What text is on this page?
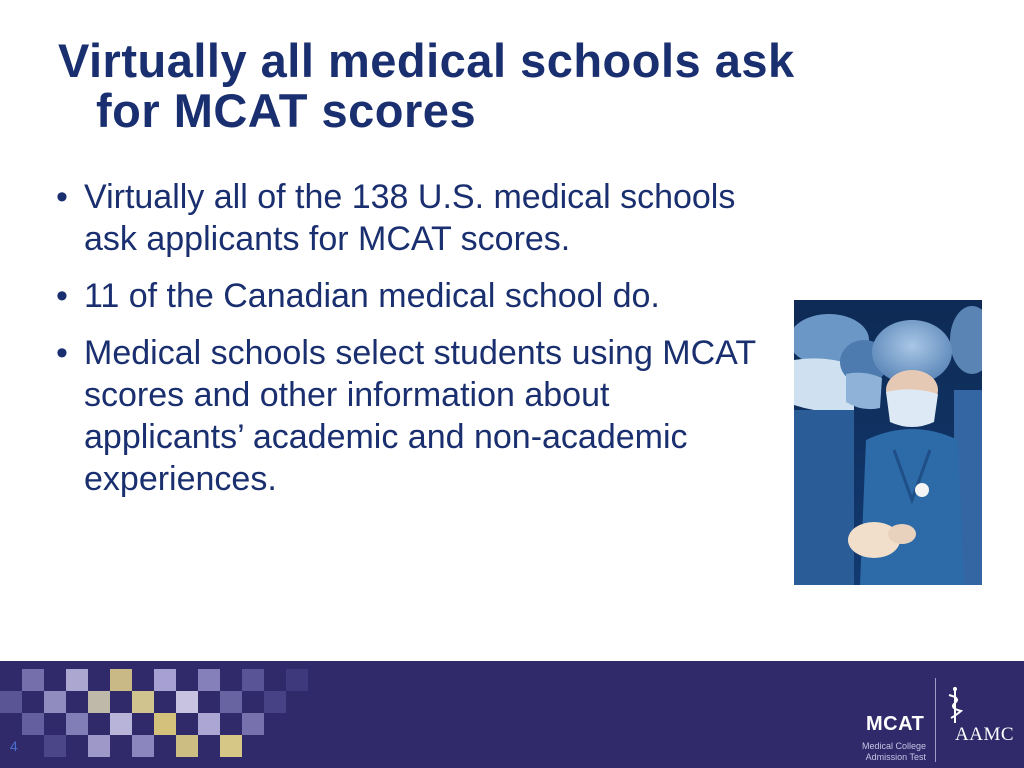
Virtually all medical schools ask
for MCAT scores
• Virtually all of the 138 U.S. medical schools ask applicants for MCAT scores.
• 11 of the Canadian medical school do.
• Medical schools select students using MCAT scores and other information about applicants’ academic and non-academic experiences.
4
MCAT
Medical College
Admission Test
AAMC
